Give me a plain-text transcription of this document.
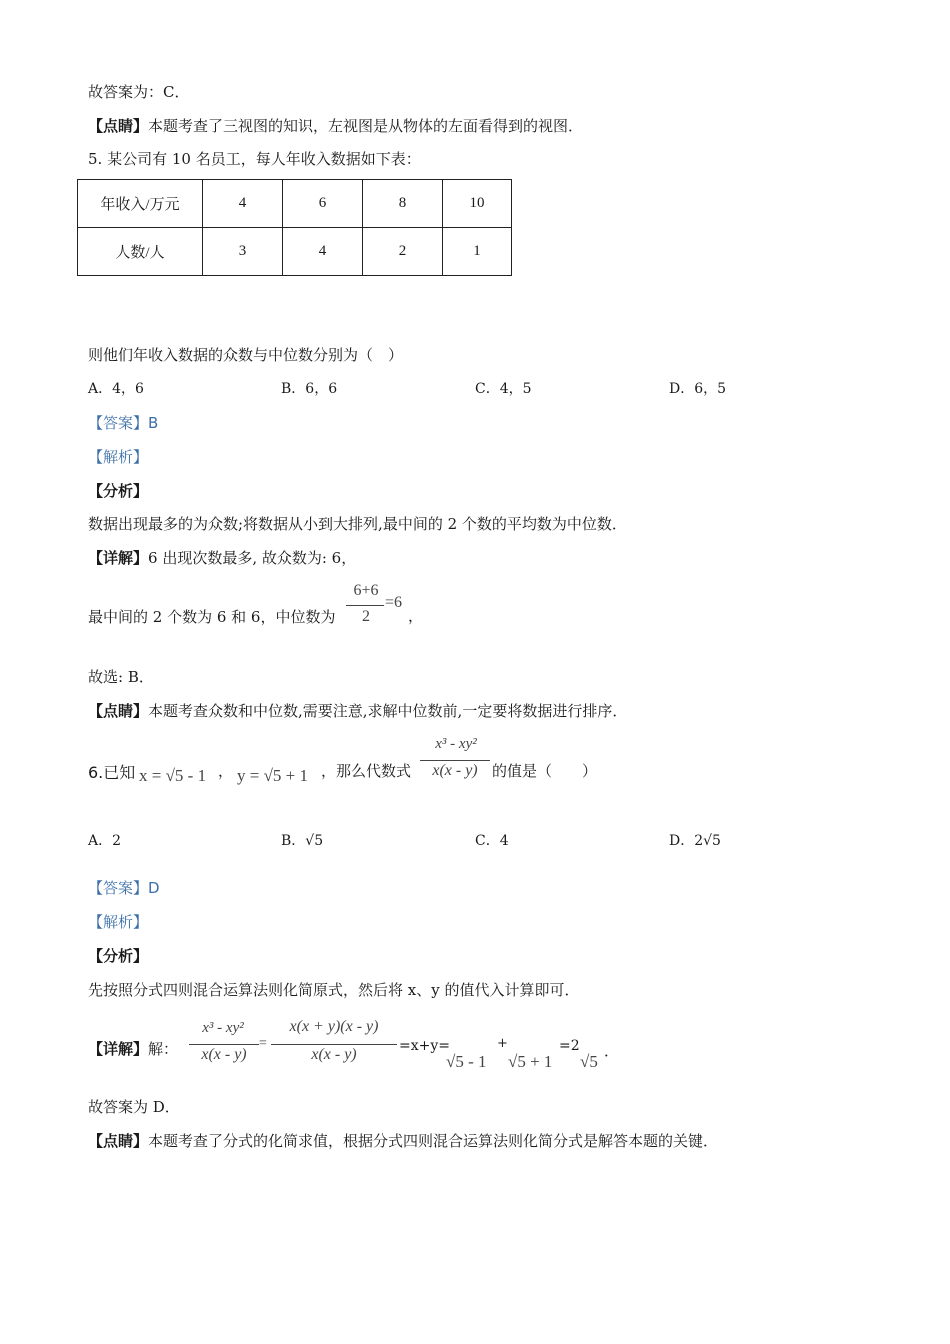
故答案为：C．
【点睛】本题考查了三视图的知识，左视图是从物体的左面看得到的视图．
5. 某公司有 10 名员工，每人年收入数据如下表：
年收入/万元	4	6	8	10
人数/人	3	4	2	1
则他们年收入数据的众数与中位数分别为（　）
A．4，6	B．6，6	C．4，5	D．6，5
【答案】B
【解析】
【分析】
数据出现最多的为众数;将数据从小到大排列,最中间的 2 个数的平均数为中位数．
【详解】6 出现次数最多, 故众数为: 6，
最中间的 2 个数为 6 和 6，中位数为
6+6
2
=6
，
故选: B．
【点睛】本题考查众数和中位数,需要注意,求解中位数前,一定要将数据进行排序．
6.已知 x = √5 - 1 ， y = √5 + 1 ，那么代数式
x³ - xy²
x(x - y) 的值是（　　）
A．2	B．√5	C．4	D．2√5
【答案】D
【解析】
【分析】
先按照分式四则混合运算法则化简原式，然后将 x、y 的值代入计算即可．
【详解】解：
x³ - xy²
x(x - y)
=
x(x + y)(x - y)
x(x - y)	=x+y=
√5 - 1
+
√5 + 1
=2
√5
．
故答案为 D．
【点睛】本题考查了分式的化简求值，根据分式四则混合运算法则化简分式是解答本题的关键．
